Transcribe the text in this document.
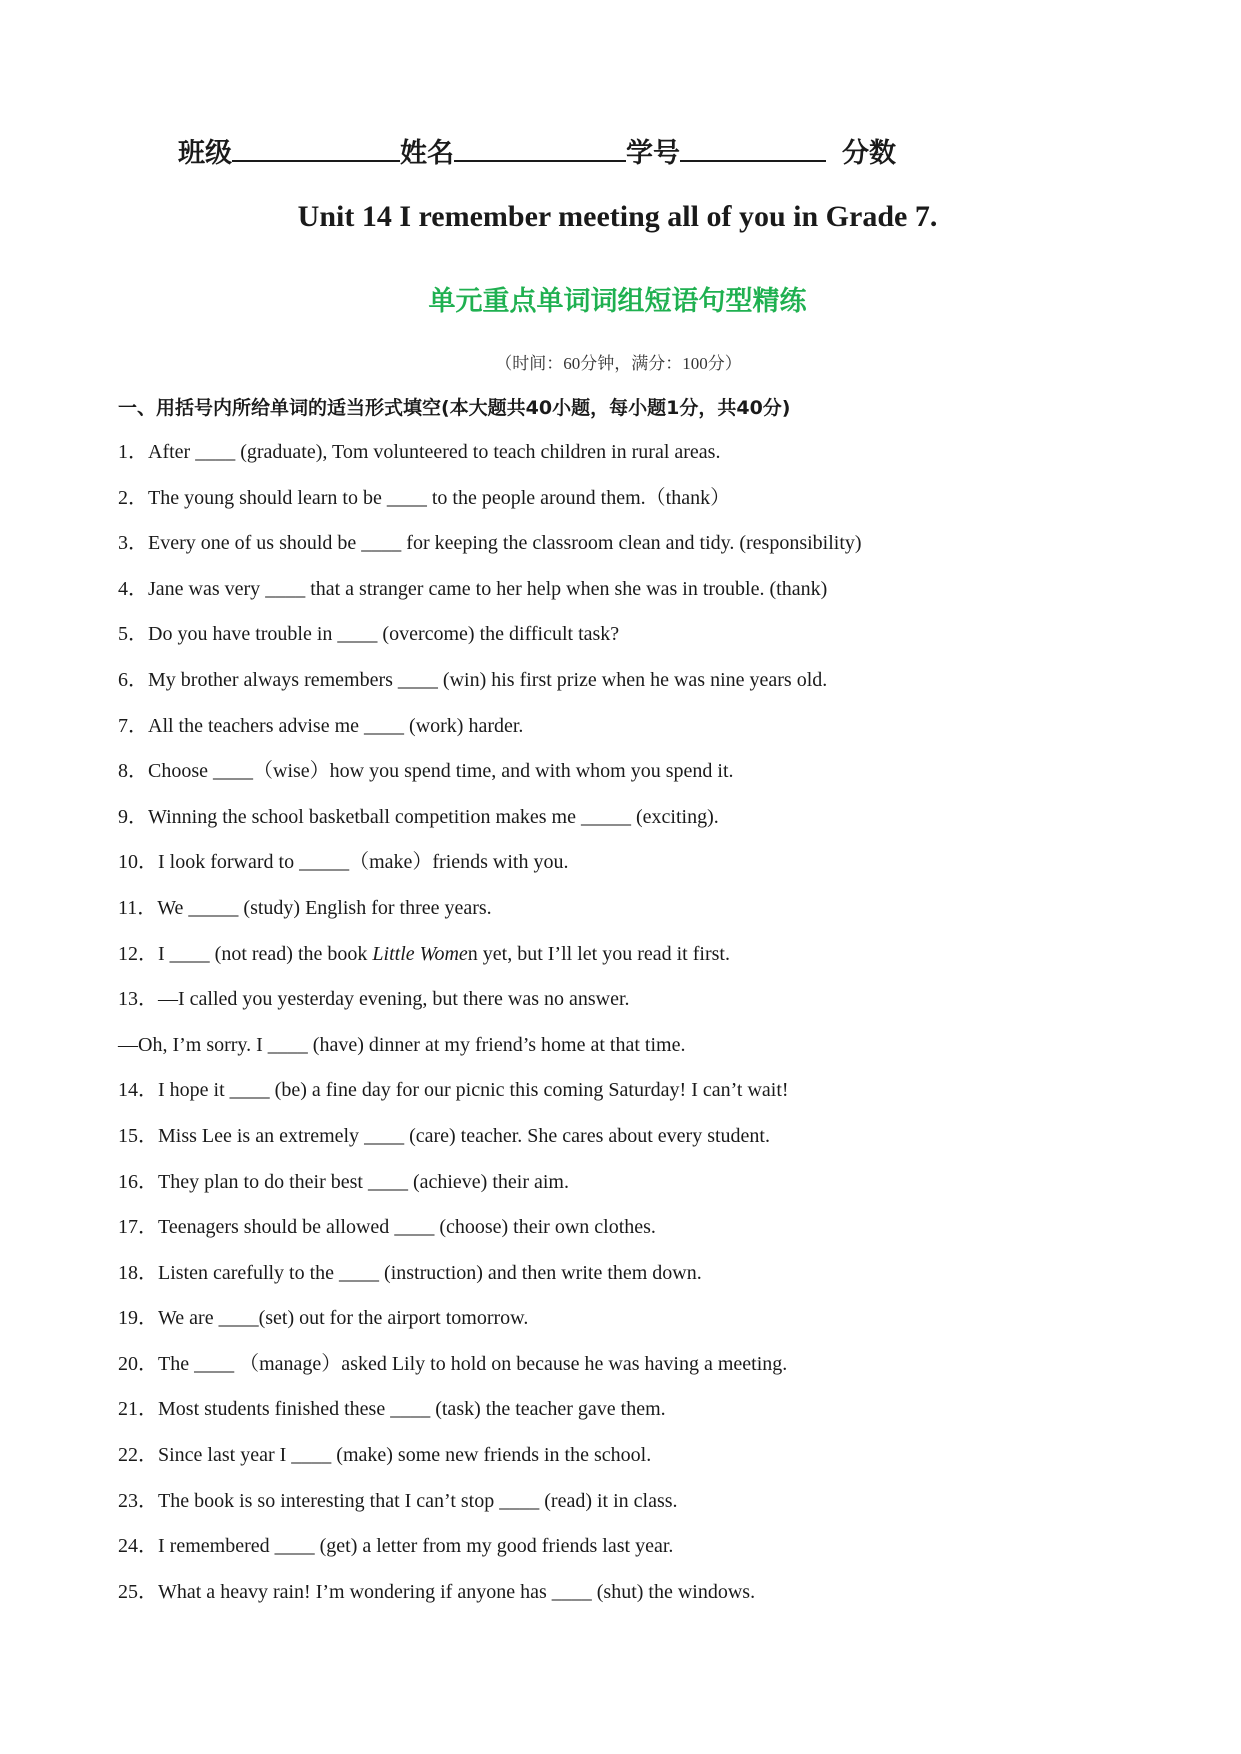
班级	姓名	学号	分数
Unit 14 I remember meeting all of you in Grade 7.
单元重点单词词组短语句型精练
（时间：60分钟，满分：100分）
一、用括号内所给单词的适当形式填空(本大题共40小题，每小题1分，共40分)
1．After ____ (graduate), Tom volunteered to teach children in rural areas.
2．The young should learn to be ____ to the people around them.（thank）
3．Every one of us should be ____ for keeping the classroom clean and tidy. (responsibility)
4．Jane was very ____ that a stranger came to her help when she was in trouble. (thank)
5．Do you have trouble in ____ (overcome) the difficult task?
6．My brother always remembers ____ (win) his first prize when he was nine years old.
7．All the teachers advise me ____ (work) harder.
8．Choose ____（wise）how you spend time, and with whom you spend it.
9．Winning the school basketball competition makes me _____ (exciting).
10．I look forward to _____（make）friends with you.
11．We _____ (study) English for three years.
12．I ____ (not read) the book Little Women yet, but I’ll let you read it first.
13．—I called you yesterday evening, but there was no answer.
—Oh, I’m sorry. I ____ (have) dinner at my friend’s home at that time.
14．I hope it ____ (be) a fine day for our picnic this coming Saturday! I can’t wait!
15．Miss Lee is an extremely ____ (care) teacher. She cares about every student.
16．They plan to do their best ____ (achieve) their aim.
17．Teenagers should be allowed ____ (choose) their own clothes.
18．Listen carefully to the ____ (instruction) and then write them down.
19．We are ____(set) out for the airport tomorrow.
20．The ____ （manage）asked Lily to hold on because he was having a meeting.
21．Most students finished these ____ (task) the teacher gave them.
22．Since last year I ____ (make) some new friends in the school.
23．The book is so interesting that I can’t stop ____ (read) it in class.
24．I remembered ____ (get) a letter from my good friends last year.
25．What a heavy rain! I’m wondering if anyone has ____ (shut) the windows.
